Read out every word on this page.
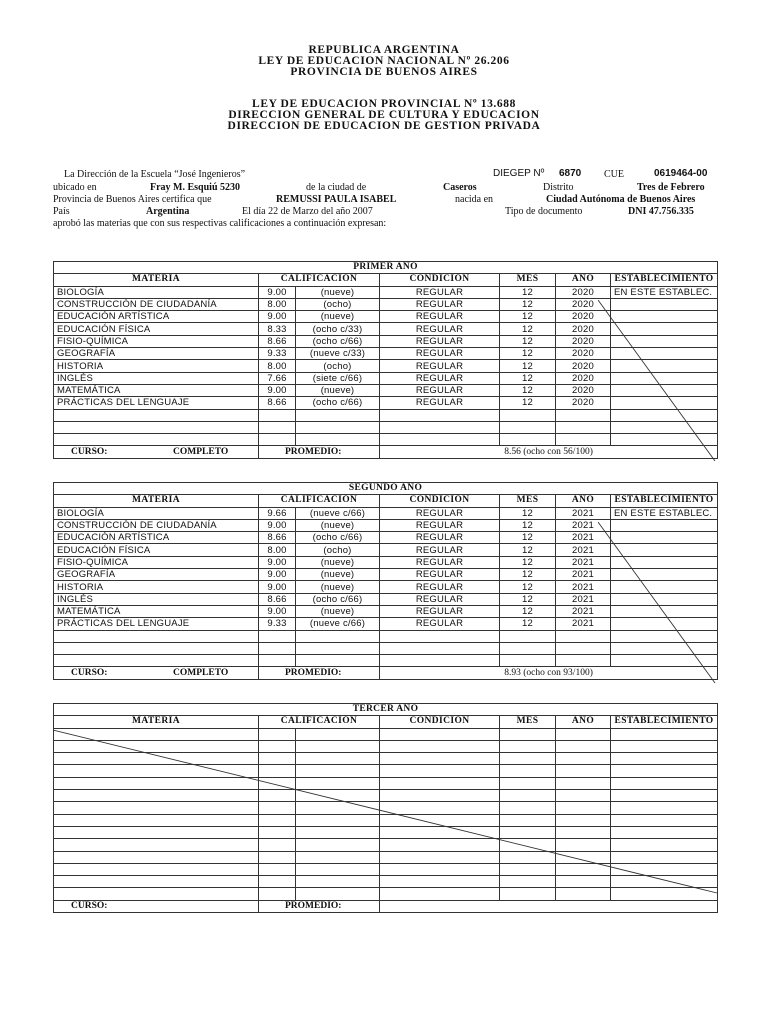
REPUBLICA ARGENTINA
LEY DE EDUCACION NACIONAL Nº 26.206
PROVINCIA DE BUENOS AIRES
LEY DE EDUCACION PROVINCIAL Nº 13.688
DIRECCION GENERAL DE CULTURA Y EDUCACION
DIRECCION DE EDUCACION DE GESTION PRIVADA
La Dirección de la Escuela “José Ingenieros”	DIEGEP Nº 6870 CUE	0619464-00
ubicado en	Fray M. Esquiú 5230	de la ciudad de	Caseros	Distrito	Tres de Febrero
Provincia de Buenos Aires certifica que	REMUSSI PAULA ISABEL	nacida en	Ciudad Autónoma de Buenos Aires
País	Argentina	El día 22 de Marzo del año 2007	Tipo de documento	DNI 47.756.335
aprobó las materias que con sus respectivas calificaciones a continuación expresan:
PRIMER AÑO						
MATERIA	CALIFICACIÓN		CONDICIÓN	MES	AÑO	ESTABLECIMIENTO
BIOLOGÍA	9.00	(nueve)	REGULAR	12	2020	EN ESTE ESTABLEC.
CONSTRUCCIÓN DE CIUDADANÍA	8.00	(ocho)	REGULAR	12	2020	
EDUCACIÓN ARTÍSTICA	9.00	(nueve)	REGULAR	12	2020	
EDUCACIÓN FÍSICA	8.33	(ocho c/33)	REGULAR	12	2020	
FISIO-QUÍMICA	8.66	(ocho c/66)	REGULAR	12	2020	
GEOGRAFÍA	9.33	(nueve c/33)	REGULAR	12	2020	
HISTORIA	8.00	(ocho)	REGULAR	12	2020	
INGLÉS	7.66	(siete c/66)	REGULAR	12	2020	
MATEMÁTICA	9.00	(nueve)	REGULAR	12	2020	
PRÁCTICAS DEL LENGUAJE	8.66	(ocho c/66)	REGULAR	12	2020	

CURSO: COMPLETO	PROMEDIO:		8.56 (ocho con 56/100)			
SEGUNDO AÑO						
MATERIA	CALIFICACIÓN		CONDICIÓN	MES	AÑO	ESTABLECIMIENTO
BIOLOGÍA	9.66	(nueve c/66)	REGULAR	12	2021	EN ESTE ESTABLEC.
CONSTRUCCIÓN DE CIUDADANÍA	9.00	(nueve)	REGULAR	12	2021	
EDUCACIÓN ARTÍSTICA	8.66	(ocho c/66)	REGULAR	12	2021	
EDUCACIÓN FÍSICA	8.00	(ocho)	REGULAR	12	2021	
FISIO-QUÍMICA	9.00	(nueve)	REGULAR	12	2021	
GEOGRAFÍA	9.00	(nueve)	REGULAR	12	2021	
HISTORIA	9.00	(nueve)	REGULAR	12	2021	
INGLÉS	8.66	(ocho c/66)	REGULAR	12	2021	
MATEMÁTICA	9.00	(nueve)	REGULAR	12	2021	
PRÁCTICAS DEL LENGUAJE	9.33	(nueve c/66)	REGULAR	12	2021	

CURSO: COMPLETO	PROMEDIO:		8.93 (ocho con 93/100)			
TERCER AÑO						
MATERIA	CALIFICACIÓN		CONDICIÓN	MES	AÑO	ESTABLECIMIENTO

CURSO:	PROMEDIO:					
